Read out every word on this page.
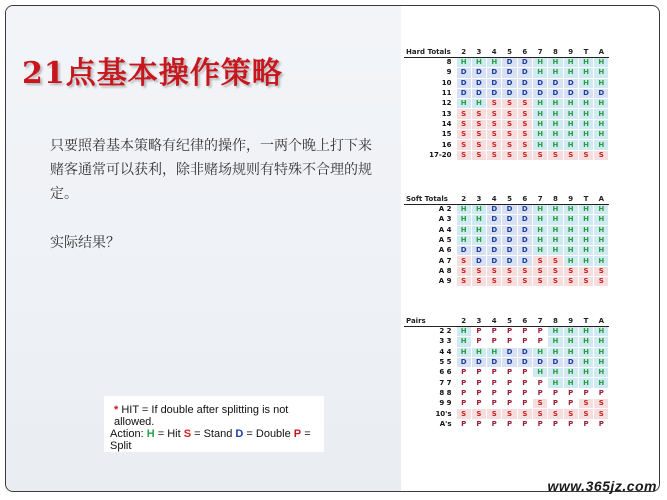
21点基本操作策略

只要照着基本策略有纪律的操作，一两个晚上打下来赌客通常可以获利，除非赌场规则有特殊不合理的规定。

实际结果？

* HIT = If double after splitting is not allowed.
Action: H = Hit S = Stand D = Double P = Split
Hard Totals	2	3	4	5	6	7	8	9	T	A
8	H	H	H	D	D	H	H	H	H	H
9	D	D	D	D	D	H	H	H	H	H
10	D	D	D	D	D	D	D	D	H	H
11	D	D	D	D	D	D	D	D	D	D
12	H	H	S	S	S	H	H	H	H	H
13	S	S	S	S	S	H	H	H	H	H
14	S	S	S	S	S	H	H	H	H	H
15	S	S	S	S	S	H	H	H	H	H
16	S	S	S	S	S	H	H	H	H	H
17-20	S	S	S	S	S	S	S	S	S	S
Soft Totals	2	3	4	5	6	7	8	9	T	A
A 2	H	H	D	D	D	H	H	H	H	H
A 3	H	H	D	D	D	H	H	H	H	H
A 4	H	H	D	D	D	H	H	H	H	H
A 5	H	H	D	D	D	H	H	H	H	H
A 6	D	D	D	D	D	H	H	H	H	H
A 7	S	D	D	D	D	S	S	H	H	H
A 8	S	S	S	S	S	S	S	S	S	S
A 9	S	S	S	S	S	S	S	S	S	S
Pairs	2	3	4	5	6	7	8	9	T	A
2 2	H	P	P	P	P	P	H	H	H	H
3 3	H	P	P	P	P	P	H	H	H	H
4 4	H	H	H	D	D	H	H	H	H	H
5 5	D	D	D	D	D	D	D	D	H	H
6 6	P	P	P	P	P	H	H	H	H	H
7 7	P	P	P	P	P	P	H	H	H	H
8 8	P	P	P	P	P	P	P	P	P	P
9 9	P	P	P	P	P	S	P	P	S	S
10's	S	S	S	S	S	S	S	S	S	S
A's	P	P	P	P	P	P	P	P	P	P
www.365jz.com
